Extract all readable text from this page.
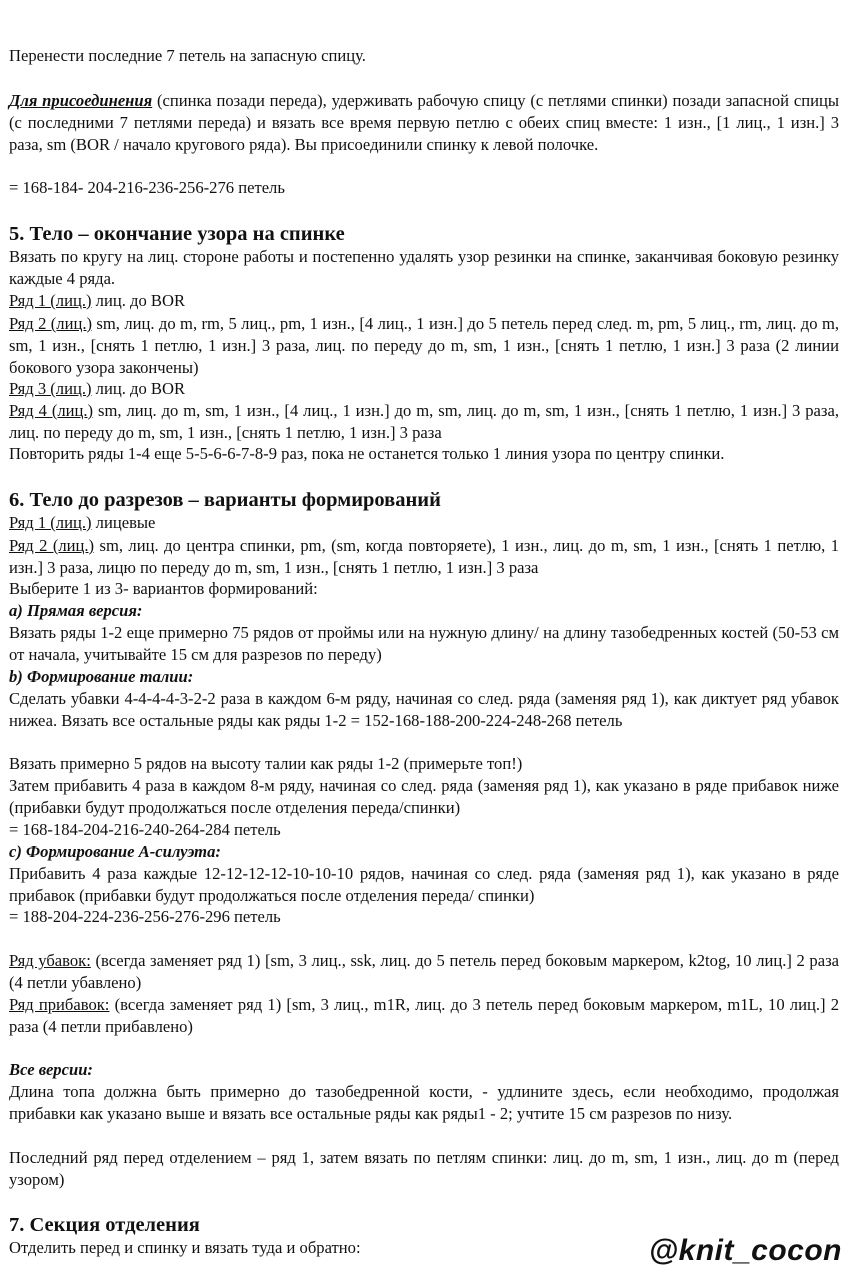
Перенести последние 7 петель на запасную спицу.

Для присоединения (спинка позади переда), удерживать рабочую спицу (с петлями спинки) позади запасной спицы (с последними 7 петлями переда) и вязать все время первую петлю с обеих спиц вместе: 1 изн., [1 лиц., 1 изн.] 3 раза, sm (BOR / начало кругового ряда). Вы присоединили спинку к левой полочке.

= 168-184- 204-216-236-256-276 петель

5. Тело – окончание узора на спинке

Вязать по кругу на лиц. стороне работы и постепенно удалять узор резинки на спинке, заканчивая боковую резинку каждые 4 ряда.

Ряд 1 (лиц.) лиц. до BOR

Ряд 2 (лиц.) sm, лиц. до m, rm, 5 лиц., pm, 1 изн., [4 лиц., 1 изн.] до 5 петель перед след. m, pm, 5 лиц., rm, лиц. до m, sm, 1 изн., [снять 1 петлю, 1 изн.] 3 раза, лиц. по переду до m, sm, 1 изн., [снять 1 петлю, 1 изн.] 3 раза (2 линии бокового узора закончены)

Ряд 3 (лиц.) лиц. до BOR

Ряд 4 (лиц.) sm, лиц. до m, sm, 1 изн., [4 лиц., 1 изн.] до m, sm, лиц. до m, sm, 1 изн., [снять 1 петлю, 1 изн.] 3 раза, лиц. по переду до m, sm, 1 изн., [снять 1 петлю, 1 изн.] 3 раза

Повторить ряды 1-4 еще 5-5-6-6-7-8-9 раз, пока не останется только 1 линия узора по центру спинки.

6. Тело до разрезов – варианты формирований

Ряд 1 (лиц.) лицевые

Ряд 2 (лиц.) sm, лиц. до центра спинки, pm, (sm, когда повторяете), 1 изн., лиц. до m, sm, 1 изн., [снять 1 петлю, 1 изн.] 3 раза, лицю по переду до m, sm, 1 изн., [снять 1 петлю, 1 изн.] 3 раза

Выберите 1 из 3- вариантов формирований:

а) Прямая версия:

Вязать ряды 1-2 еще примерно 75 рядов от проймы или на нужную длину/ на длину тазобедренных костей (50-53 см от начала, учитывайте 15 см для разрезов по переду)

b) Формирование талии:

Сделать убавки 4-4-4-4-3-2-2 раза в каждом 6-м ряду, начиная со след. ряда (заменяя ряд 1), как диктует ряд убавок нижеа. Вязать все остальные ряды как ряды 1-2 = 152-168-188-200-224-248-268 петель

Вязать примерно 5 рядов на высоту талии как ряды 1-2 (примерьте топ!)

Затем прибавить 4 раза в каждом 8-м ряду, начиная со след. ряда (заменяя ряд 1), как указано в ряде прибавок ниже (прибавки будут продолжаться после отделения переда/спинки)

= 168-184-204-216-240-264-284 петель

с) Формирование А-силуэта:

Прибавить 4 раза каждые 12-12-12-12-10-10-10 рядов, начиная со след. ряда (заменяя ряд 1), как указано в ряде прибавок (прибавки будут продолжаться после отделения переда/ спинки)

= 188-204-224-236-256-276-296 петель

Ряд убавок: (всегда заменяет ряд 1) [sm, 3 лиц., ssk, лиц. до 5 петель перед боковым маркером, k2tog, 10 лиц.] 2 раза (4 петли убавлено)

Ряд прибавок: (всегда заменяет ряд 1) [sm, 3 лиц., m1R, лиц. до 3 петель перед боковым маркером, m1L, 10 лиц.] 2 раза (4 петли прибавлено)

Все версии:

Длина топа должна быть примерно до тазобедренной кости, - удлините здесь, если необходимо, продолжая прибавки как указано выше и вязать все остальные ряды как ряды1 - 2; учтите 15 см разрезов по низу.

Последний ряд перед отделением – ряд 1, затем вязать по петлям спинки: лиц. до m, sm, 1 изн., лиц. до m (перед узором)

7. Секция отделения

Отделить перед и спинку и вязать туда и обратно:	@knit_cocon
